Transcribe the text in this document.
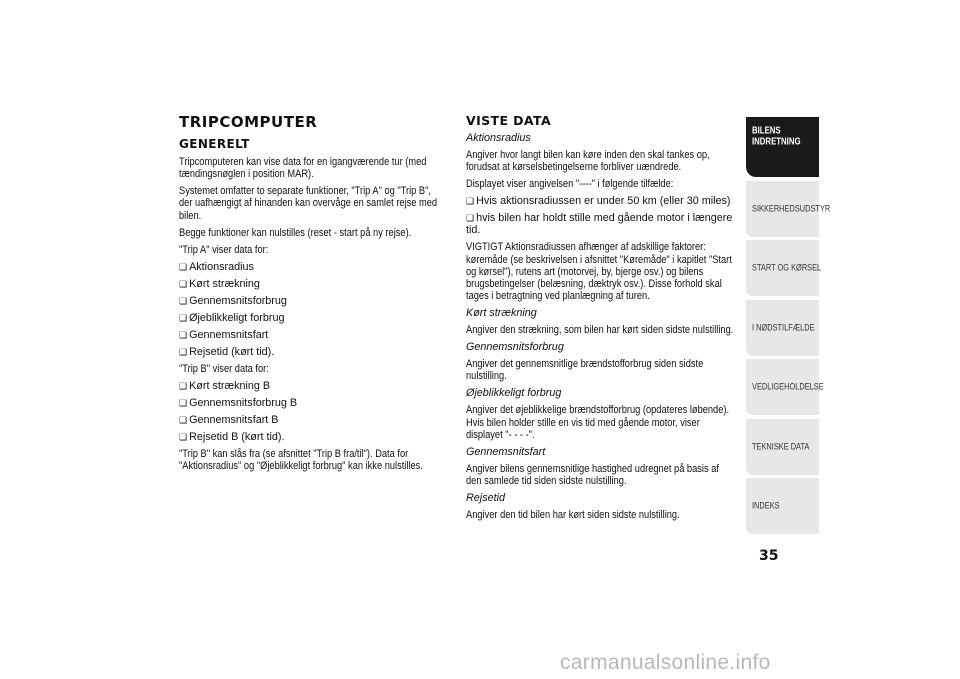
TRIPCOMPUTER
GENERELT
Tripcomputeren kan vise data for en igangværende tur (med tændingsnøglen i position MAR).
Systemet omfatter to separate funktioner, "Trip A" og "Trip B", der uafhængigt af hinanden kan overvåge en samlet rejse med bilen.
Begge funktioner kan nulstilles (reset - start på ny rejse).
"Trip A" viser data for:
❏ Aktionsradius
❏ Kørt strækning
❏ Gennemsnitsforbrug
❏ Øjeblikkeligt forbrug
❏ Gennemsnitsfart
❏ Rejsetid (kørt tid).
"Trip B" viser data for:
❏ Kørt strækning B
❏ Gennemsnitsforbrug B
❏ Gennemsnitsfart B
❏ Rejsetid B (kørt tid).
"Trip B" kan slås fra (se afsnittet "Trip B fra/til"). Data for "Aktionsradius" og "Øjeblikkeligt forbrug" kan ikke nulstilles.
VISTE DATA
Aktionsradius
Angiver hvor langt bilen kan køre inden den skal tankes op, forudsat at kørselsbetingelserne forbliver uændrede.
Displayet viser angivelsen "----" i følgende tilfælde:
❏ Hvis aktionsradiussen er under 50 km (eller 30 miles)
❏ hvis bilen har holdt stille med gående motor i længere tid.
VIGTIGT Aktionsradiussen afhænger af adskillige faktorer: køremåde (se beskrivelsen i afsnittet "Køremåde" i kapitlet "Start og kørsel"), rutens art (motorvej, by, bjerge osv.) og bilens brugsbetingelser (belæsning, dæktryk osv.). Disse forhold skal tages i betragtning ved planlægning af turen.
Kørt strækning
Angiver den strækning, som bilen har kørt siden sidste nulstilling.
Gennemsnitsforbrug
Angiver det gennemsnitlige brændstofforbrug siden sidste nulstilling.
Øjeblikkeligt forbrug
Angiver det øjeblikkelige brændstofforbrug (opdateres løbende). Hvis bilen holder stille en vis tid med gående motor, viser displayet "- - - -".
Gennemsnitsfart
Angiver bilens gennemsnitlige hastighed udregnet på basis af den samlede tid siden sidste nulstilling.
Rejsetid
Angiver den tid bilen har kørt siden sidste nulstilling.
BILENS INDRETNING
SIKKERHEDSUDSTYR
START OG KØRSEL
I NØDSTILFÆLDE
VEDLIGEHOLDELSE
TEKNISKE DATA
INDEKS
35
carmanualsonline.info
